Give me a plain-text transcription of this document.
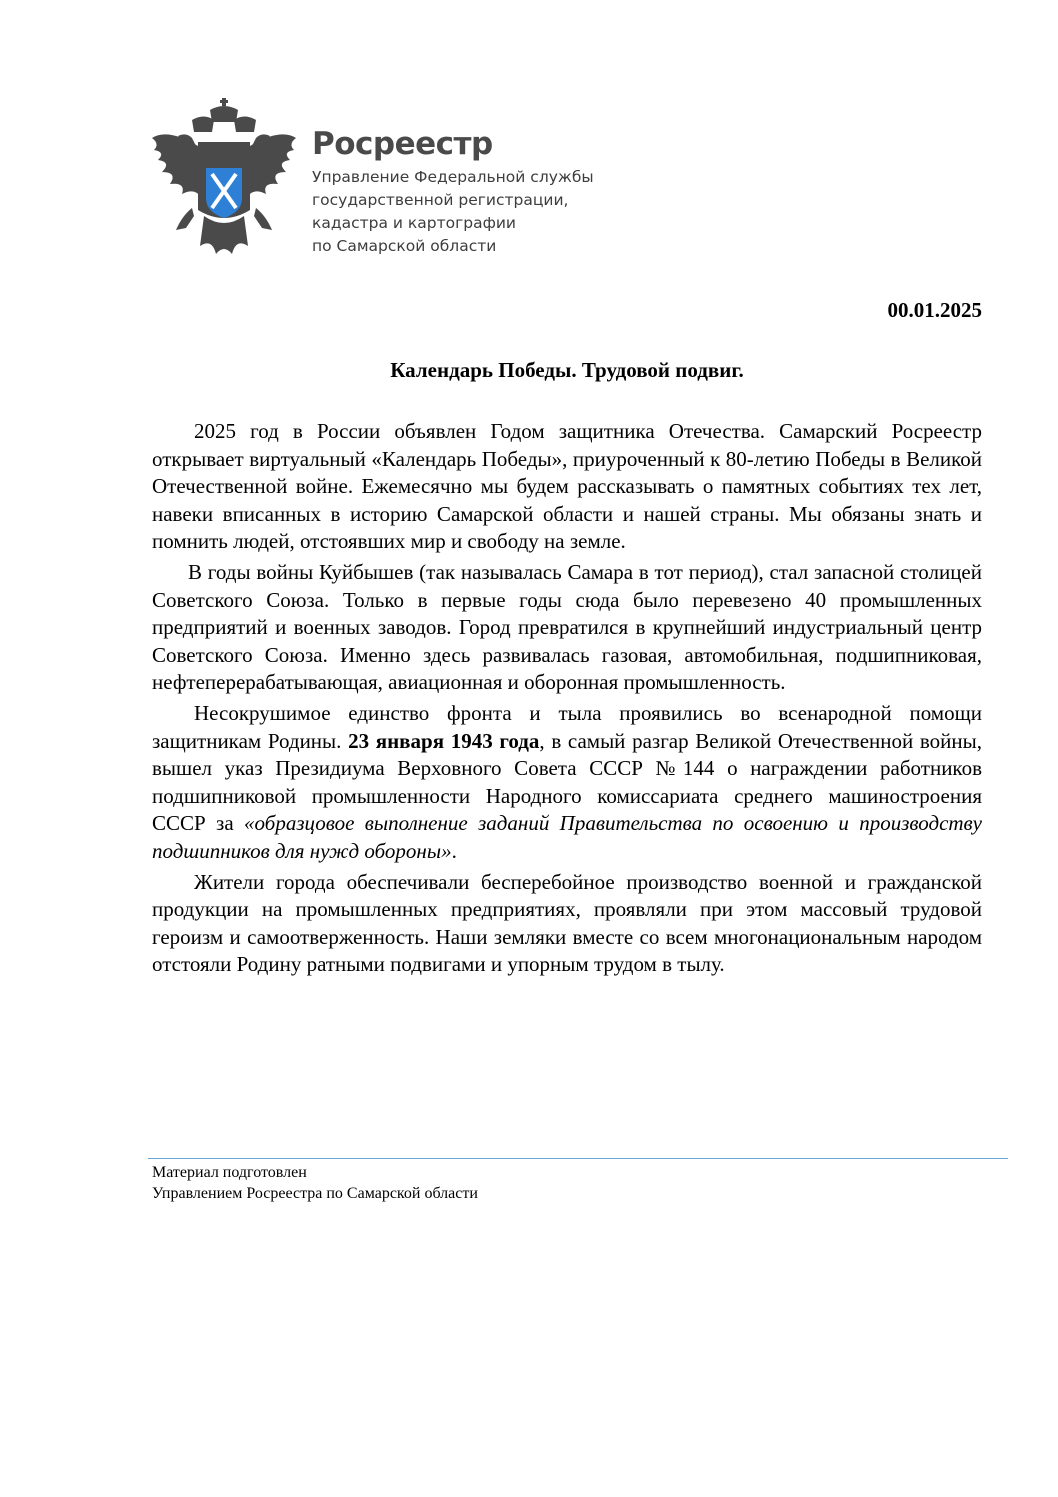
Росреестр
Управление Федеральной службы
государственной регистрации,
кадастра и картографии
по Самарской области
00.01.2025
Календарь Победы. Трудовой подвиг.

2025 год в России объявлен Годом защитника Отечества. Самарский Росреестр открывает виртуальный «Календарь Победы», приуроченный к 80-летию Победы в Великой Отечественной войне. Ежемесячно мы будем рассказывать о памятных событиях тех лет, навеки вписанных в историю Самарской области и нашей страны. Мы обязаны знать и помнить людей, отстоявших мир и свободу на земле.

В годы войны Куйбышев (так называлась Самара в тот период), стал запасной столицей Советского Союза. Только в первые годы сюда было перевезено 40 промышленных предприятий и военных заводов. Город превратился в крупнейший индустриальный центр Советского Союза. Именно здесь развивалась газовая, автомобильная, подшипниковая, нефтеперерабатывающая, авиационная и оборонная промышленность.

Несокрушимое единство фронта и тыла проявились во всенародной помощи защитникам Родины. 23 января 1943 года, в самый разгар Великой Отечественной войны, вышел указ Президиума Верховного Совета СССР №144 о награждении работников подшипниковой промышленности Народного комиссариата среднего машиностроения СССР за «образцовое выполнение заданий Правительства по освоению и производству подшипников для нужд обороны».

Жители города обеспечивали бесперебойное производство военной и гражданской продукции на промышленных предприятиях, проявляли при этом массовый трудовой героизм и самоотверженность. Наши земляки вместе со всем многонациональным народом отстояли Родину ратными подвигами и упорным трудом в тылу.

Материал подготовлен
Управлением Росреестра по Самарской области
